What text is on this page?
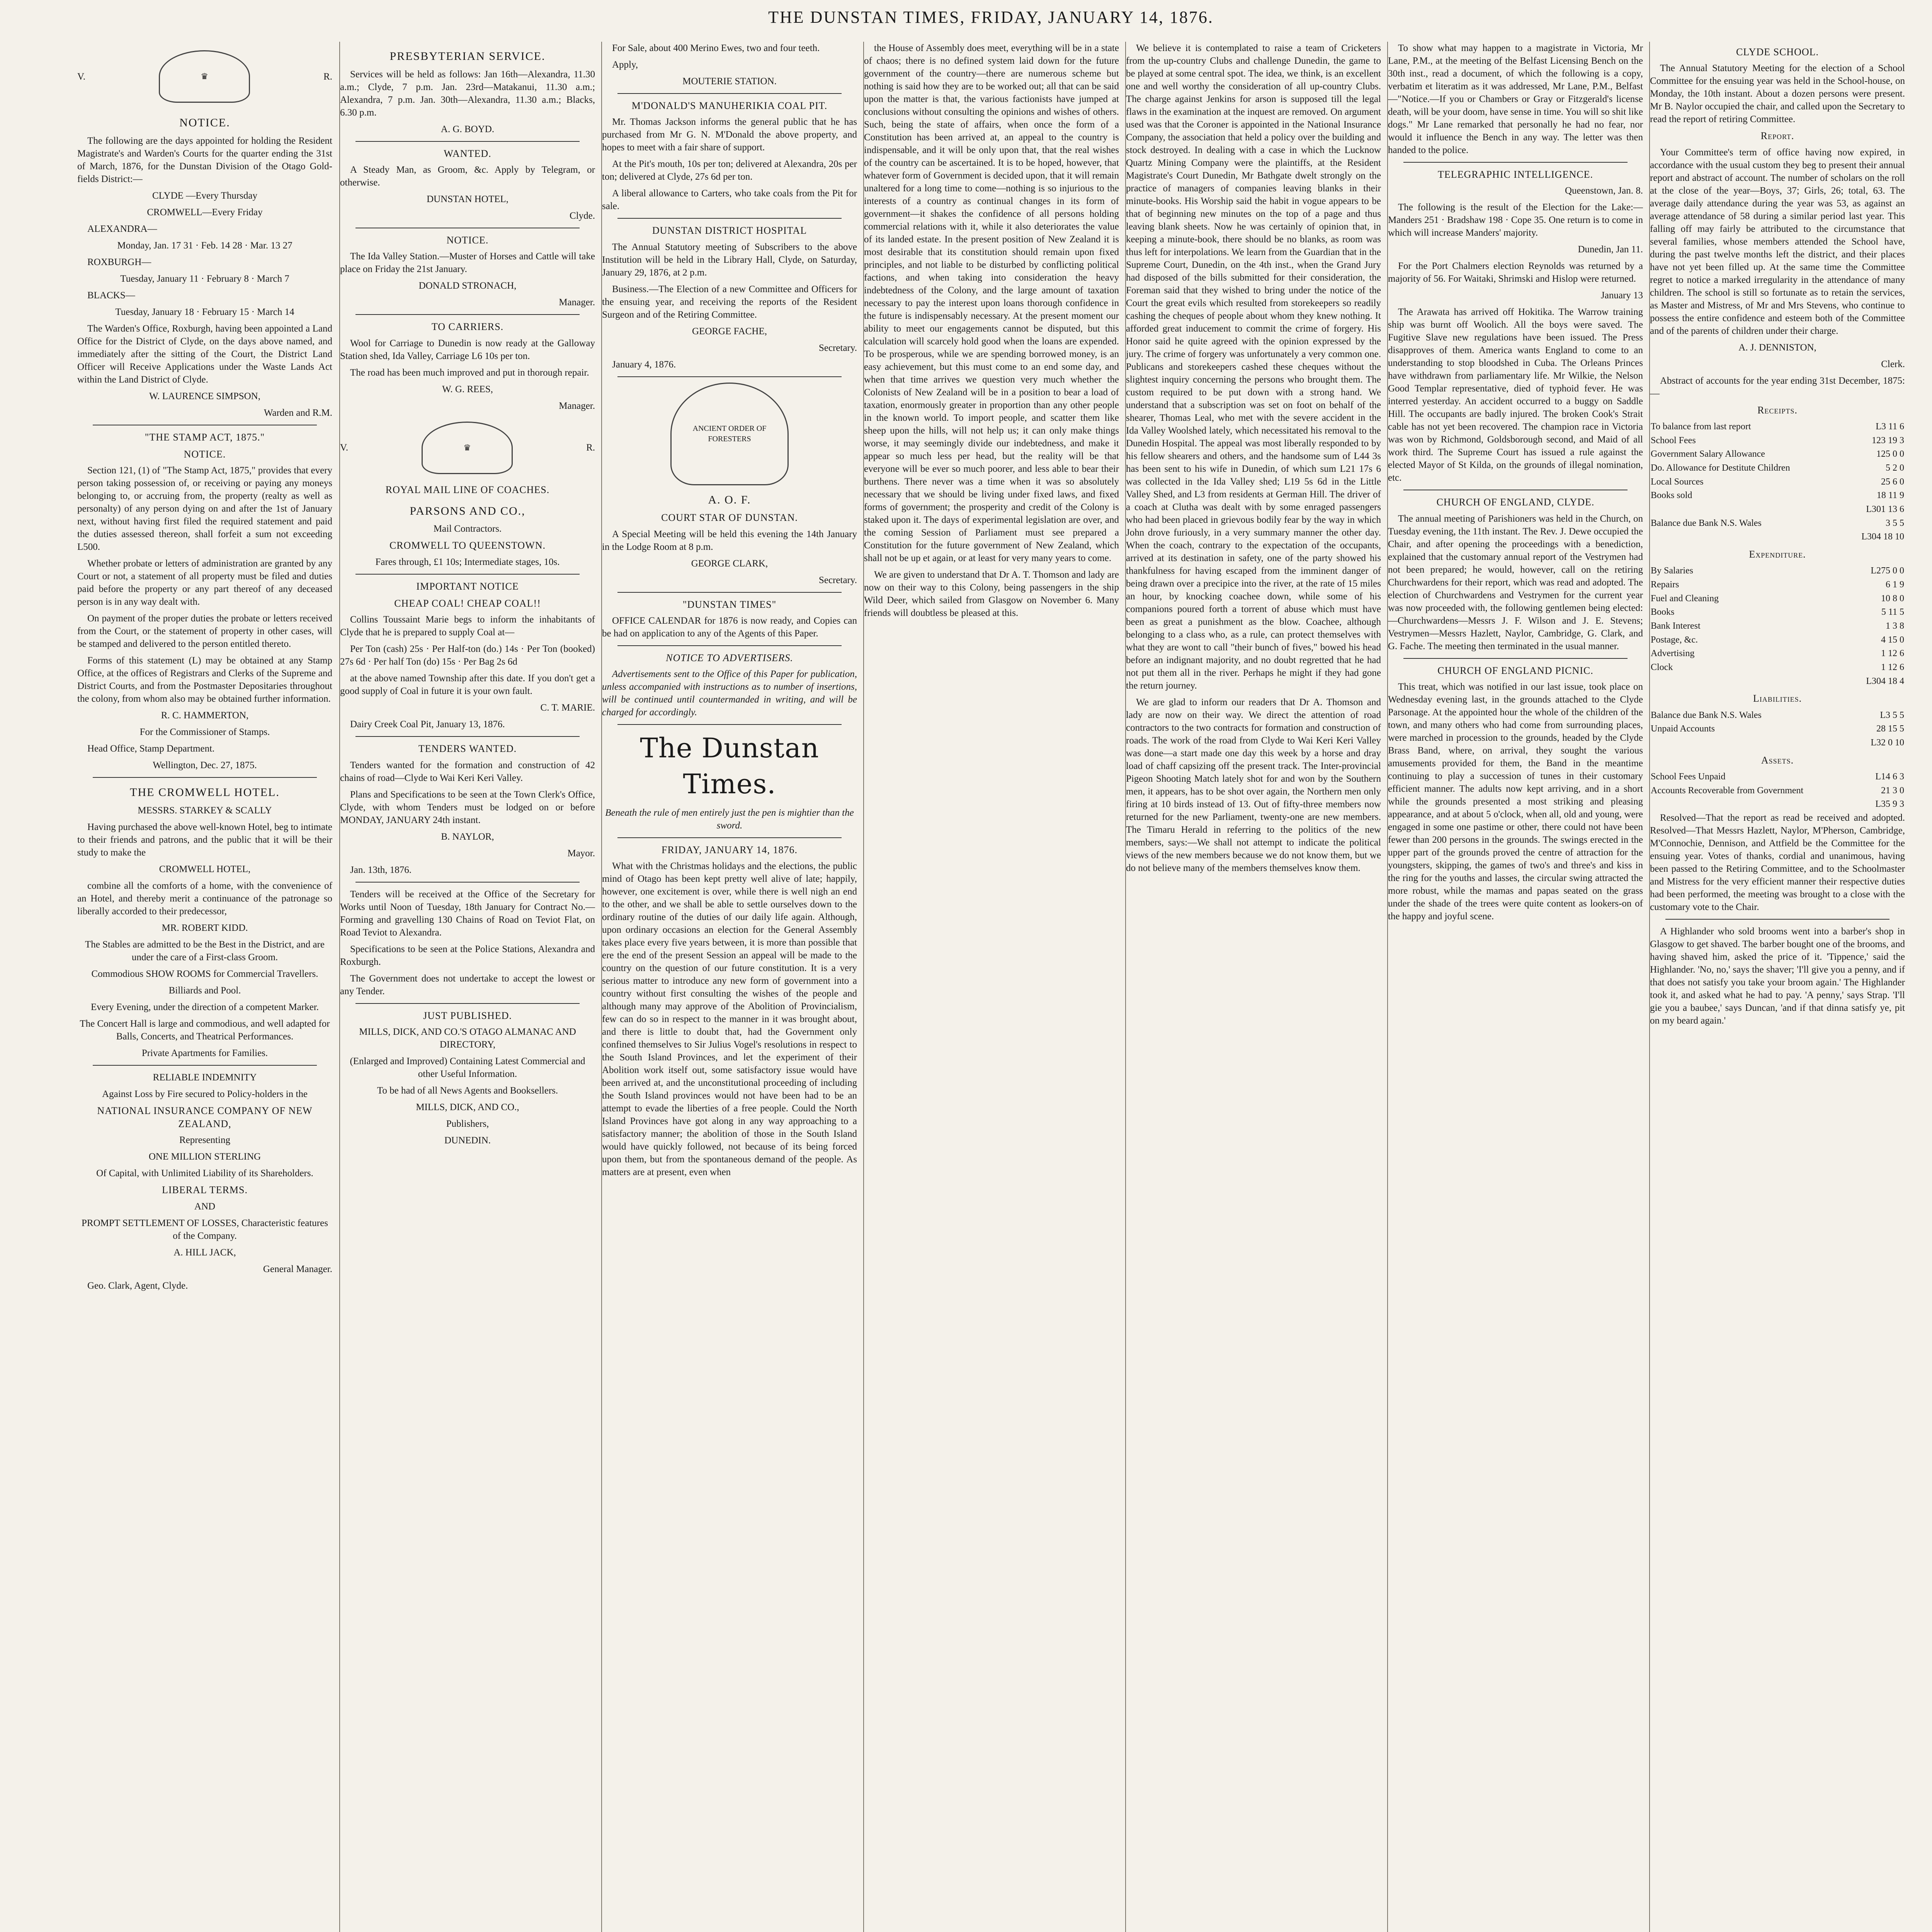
THE DUNSTAN TIMES, FRIDAY, JANUARY 14, 1876.
V.	♛	R.
NOTICE.

The following are the days appointed for holding the Resident Magistrate's and Warden's Courts for the quarter ending the 31st of March, 1876, for the Dunstan Division of the Otago Gold-fields District:—

CLYDE —Every Thursday

CROMWELL—Every Friday

ALEXANDRA—

Monday, Jan. 17 31 · Feb. 14 28 · Mar. 13 27

ROXBURGH—

Tuesday, January 11 · February 8 · March 7

BLACKS—

Tuesday, January 18 · February 15 · March 14

The Warden's Office, Roxburgh, having been appointed a Land Office for the District of Clyde, on the days above named, and immediately after the sitting of the Court, the District Land Officer will Receive Applications under the Waste Lands Act within the Land District of Clyde.

W. LAURENCE SIMPSON,

Warden and R.M.

"THE STAMP ACT, 1875."
NOTICE.

Section 121, (1) of "The Stamp Act, 1875," provides that every person taking possession of, or receiving or paying any moneys belonging to, or accruing from, the property (realty as well as personalty) of any person dying on and after the 1st of January next, without having first filed the required statement and paid the duties assessed thereon, shall forfeit a sum not exceeding L500.

Whether probate or letters of administration are granted by any Court or not, a statement of all property must be filed and duties paid before the property or any part thereof of any deceased person is in any way dealt with.

On payment of the proper duties the probate or letters received from the Court, or the statement of property in other cases, will be stamped and delivered to the person entitled thereto.

Forms of this statement (L) may be obtained at any Stamp Office, at the offices of Registrars and Clerks of the Supreme and District Courts, and from the Postmaster Depositaries throughout the colony, from whom also may be obtained further information.

R. C. HAMMERTON,

For the Commissioner of Stamps.

Head Office, Stamp Department.

Wellington, Dec. 27, 1875.

THE CROMWELL HOTEL.

MESSRS. STARKEY & SCALLY

Having purchased the above well-known Hotel, beg to intimate to their friends and patrons, and the public that it will be their study to make the

CROMWELL HOTEL,

combine all the comforts of a home, with the convenience of an Hotel, and thereby merit a continuance of the patronage so liberally accorded to their predecessor,

MR. ROBERT KIDD.

The Stables are admitted to be the Best in the District, and are under the care of a First-class Groom.

Commodious SHOW ROOMS for Commercial Travellers.

Billiards and Pool.

Every Evening, under the direction of a competent Marker.

The Concert Hall is large and commodious, and well adapted for Balls, Concerts, and Theatrical Performances.

Private Apartments for Families.

RELIABLE INDEMNITY

Against Loss by Fire secured to Policy-holders in the

NATIONAL INSURANCE COMPANY OF NEW ZEALAND,

Representing

ONE MILLION STERLING

Of Capital, with Unlimited Liability of its Shareholders.

LIBERAL TERMS.

AND

PROMPT SETTLEMENT OF LOSSES, Characteristic features of the Company.

A. HILL JACK,

General Manager.

Geo. Clark, Agent, Clyde.

PRESBYTERIAN SERVICE.

Services will be held as follows: Jan 16th—Alexandra, 11.30 a.m.; Clyde, 7 p.m. Jan. 23rd—Matakanui, 11.30 a.m.; Alexandra, 7 p.m. Jan. 30th—Alexandra, 11.30 a.m.; Blacks, 6.30 p.m.

A. G. BOYD.

WANTED.

A Steady Man, as Groom, &c. Apply by Telegram, or otherwise.

DUNSTAN HOTEL,

Clyde.

NOTICE.

The Ida Valley Station.—Muster of Horses and Cattle will take place on Friday the 21st January.

DONALD STRONACH,

Manager.

TO CARRIERS.

Wool for Carriage to Dunedin is now ready at the Galloway Station shed, Ida Valley, Carriage L6 10s per ton.

The road has been much improved and put in thorough repair.

W. G. REES,

Manager.

V.	♛	R.
ROYAL MAIL LINE OF COACHES.
PARSONS AND CO.,

Mail Contractors.

CROMWELL TO QUEENSTOWN.

Fares through, £1 10s; Intermediate stages, 10s.

IMPORTANT NOTICE
CHEAP COAL! CHEAP COAL!!

Collins Toussaint Marie begs to inform the inhabitants of Clyde that he is prepared to supply Coal at—

Per Ton (cash) 25s · Per Half-ton (do.) 14s · Per Ton (booked) 27s 6d · Per half Ton (do) 15s · Per Bag 2s 6d

at the above named Township after this date. If you don't get a good supply of Coal in future it is your own fault.

C. T. MARIE.

Dairy Creek Coal Pit, January 13, 1876.

TENDERS WANTED.

Tenders wanted for the formation and construction of 42 chains of road—Clyde to Wai Keri Keri Valley.

Plans and Specifications to be seen at the Town Clerk's Office, Clyde, with whom Tenders must be lodged on or before MONDAY, JANUARY 24th instant.

B. NAYLOR,

Mayor.

Jan. 13th, 1876.

Tenders will be received at the Office of the Secretary for Works until Noon of Tuesday, 18th January for Contract No.— Forming and gravelling 130 Chains of Road on Teviot Flat, on Road Teviot to Alexandra.

Specifications to be seen at the Police Stations, Alexandra and Roxburgh.

The Government does not undertake to accept the lowest or any Tender.

JUST PUBLISHED.

MILLS, DICK, AND CO.'S OTAGO ALMANAC AND DIRECTORY,

(Enlarged and Improved) Containing Latest Commercial and other Useful Information.

To be had of all News Agents and Booksellers.

MILLS, DICK, AND CO.,

Publishers,

DUNEDIN.

For Sale, about 400 Merino Ewes, two and four teeth.

Apply,

MOUTERIE STATION.

M'DONALD'S MANUHERIKIA COAL PIT.

Mr. Thomas Jackson informs the general public that he has purchased from Mr G. N. M'Donald the above property, and hopes to meet with a fair share of support.

At the Pit's mouth, 10s per ton; delivered at Alexandra, 20s per ton; delivered at Clyde, 27s 6d per ton.

A liberal allowance to Carters, who take coals from the Pit for sale.

DUNSTAN DISTRICT HOSPITAL

The Annual Statutory meeting of Subscribers to the above Institution will be held in the Library Hall, Clyde, on Saturday, January 29, 1876, at 2 p.m.

Business.—The Election of a new Committee and Officers for the ensuing year, and receiving the reports of the Resident Surgeon and of the Retiring Committee.

GEORGE FACHE,

Secretary.

January 4, 1876.

ANCIENT ORDER OF FORESTERS
A. O. F.
COURT STAR OF DUNSTAN.

A Special Meeting will be held this evening the 14th January in the Lodge Room at 8 p.m.

GEORGE CLARK,

Secretary.

"DUNSTAN TIMES"

OFFICE CALENDAR for 1876 is now ready, and Copies can be had on application to any of the Agents of this Paper.

NOTICE TO ADVERTISERS.

Advertisements sent to the Office of this Paper for publication, unless accompanied with instructions as to number of insertions, will be continued until countermanded in writing, and will be charged for accordingly.

The Dunstan Times.

Beneath the rule of men entirely just the pen is mightier than the sword.

FRIDAY, JANUARY 14, 1876.

What with the Christmas holidays and the elections, the public mind of Otago has been kept pretty well alive of late; happily, however, one excitement is over, while there is well nigh an end to the other, and we shall be able to settle ourselves down to the ordinary routine of the duties of our daily life again. Although, upon ordinary occasions an election for the General Assembly takes place every five years between, it is more than possible that ere the end of the present Session an appeal will be made to the country on the question of our future constitution. It is a very serious matter to introduce any new form of government into a country without first consulting the wishes of the people and although many may approve of the Abolition of Provincialism, few can do so in respect to the manner in it was brought about, and there is little to doubt that, had the Government only confined themselves to Sir Julius Vogel's resolutions in respect to the South Island Provinces, and let the experiment of their Abolition work itself out, some satisfactory issue would have been arrived at, and the unconstitutional proceeding of including the South Island provinces would not have been had to be an attempt to evade the liberties of a free people. Could the North Island Provinces have got along in any way approaching to a satisfactory manner; the abolition of those in the South Island would have quickly followed, not because of its being forced upon them, but from the spontaneous demand of the people. As matters are at present, even when

the House of Assembly does meet, everything will be in a state of chaos; there is no defined system laid down for the future government of the country—there are numerous scheme but nothing is said how they are to be worked out; all that can be said upon the matter is that, the various factionists have jumped at conclusions without consulting the opinions and wishes of others. Such, being the state of affairs, when once the form of a Constitution has been arrived at, an appeal to the country is indispensable, and it will be only upon that, that the real wishes of the country can be ascertained. It is to be hoped, however, that whatever form of Government is decided upon, that it will remain unaltered for a long time to come—nothing is so injurious to the interests of a country as continual changes in its form of government—it shakes the confidence of all persons holding commercial relations with it, while it also deteriorates the value of its landed estate. In the present position of New Zealand it is most desirable that its constitution should remain upon fixed principles, and not liable to be disturbed by conflicting political factions, and when taking into consideration the heavy indebtedness of the Colony, and the large amount of taxation necessary to pay the interest upon loans thorough confidence in the future is indispensably necessary. At the present moment our ability to meet our engagements cannot be disputed, but this calculation will scarcely hold good when the loans are expended. To be prosperous, while we are spending borrowed money, is an easy achievement, but this must come to an end some day, and when that time arrives we question very much whether the Colonists of New Zealand will be in a position to bear a load of taxation, enormously greater in proportion than any other people in the known world. To import people, and scatter them like sheep upon the hills, will not help us; it can only make things worse, it may seemingly divide our indebtedness, and make it appear so much less per head, but the reality will be that everyone will be ever so much poorer, and less able to bear their burthens. There never was a time when it was so absolutely necessary that we should be living under fixed laws, and fixed forms of government; the prosperity and credit of the Colony is staked upon it. The days of experimental legislation are over, and the coming Session of Parliament must see prepared a Constitution for the future government of New Zealand, which shall not be up et again, or at least for very many years to come.

We are given to understand that Dr A. T. Thomson and lady are now on their way to this Colony, being passengers in the ship Wild Deer, which sailed from Glasgow on November 6. Many friends will doubtless be pleased at this.

We believe it is contemplated to raise a team of Cricketers from the up-country Clubs and challenge Dunedin, the game to be played at some central spot. The idea, we think, is an excellent one and well worthy the consideration of all up-country Clubs. The charge against Jenkins for arson is supposed till the legal flaws in the examination at the inquest are removed. On argument used was that the Coroner is appointed in the National Insurance Company, the association that held a policy over the building and stock destroyed. In dealing with a case in which the Lucknow Quartz Mining Company were the plaintiffs, at the Resident Magistrate's Court Dunedin, Mr Bathgate dwelt strongly on the practice of managers of companies leaving blanks in their minute-books. His Worship said the habit in vogue appears to be that of beginning new minutes on the top of a page and thus leaving blank sheets. Now he was certainly of opinion that, in keeping a minute-book, there should be no blanks, as room was thus left for interpolations. We learn from the Guardian that in the Supreme Court, Dunedin, on the 4th inst., when the Grand Jury had disposed of the bills submitted for their consideration, the Foreman said that they wished to bring under the notice of the Court the great evils which resulted from storekeepers so readily cashing the cheques of people about whom they knew nothing. It afforded great inducement to commit the crime of forgery. His Honor said he quite agreed with the opinion expressed by the jury. The crime of forgery was unfortunately a very common one. Publicans and storekeepers cashed these cheques without the slightest inquiry concerning the persons who brought them. The custom required to be put down with a strong hand. We understand that a subscription was set on foot on behalf of the shearer, Thomas Leal, who met with the severe accident in the Ida Valley Woolshed lately, which necessitated his removal to the Dunedin Hospital. The appeal was most liberally responded to by his fellow shearers and others, and the handsome sum of L44 3s has been sent to his wife in Dunedin, of which sum L21 17s 6 was collected in the Ida Valley shed; L19 5s 6d in the Little Valley Shed, and L3 from residents at German Hill. The driver of a coach at Clutha was dealt with by some enraged passengers who had been placed in grievous bodily fear by the way in which John drove furiously, in a very summary manner the other day. When the coach, contrary to the expectation of the occupants, arrived at its destination in safety, one of the party showed his thankfulness for having escaped from the imminent danger of being drawn over a precipice into the river, at the rate of 15 miles an hour, by knocking coachee down, while some of his companions poured forth a torrent of abuse which must have been as great a punishment as the blow. Coachee, although belonging to a class who, as a rule, can protect themselves with what they are wont to call "their bunch of fives," bowed his head before an indignant majority, and no doubt regretted that he had not put them all in the river. Perhaps he might if they had gone the return journey.

We are glad to inform our readers that Dr A. Thomson and lady are now on their way. We direct the attention of road contractors to the two contracts for formation and construction of roads. The work of the road from Clyde to Wai Keri Keri Valley was done—a start made one day this week by a horse and dray load of chaff capsizing off the present track. The Inter-provincial Pigeon Shooting Match lately shot for and won by the Southern men, it appears, has to be shot over again, the Northern men only firing at 10 birds instead of 13. Out of fifty-three members now returned for the new Parliament, twenty-one are new members. The Timaru Herald in referring to the politics of the new members, says:—We shall not attempt to indicate the political views of the new members because we do not know them, but we do not believe many of the members themselves know them.

To show what may happen to a magistrate in Victoria, Mr Lane, P.M., at the meeting of the Belfast Licensing Bench on the 30th inst., read a document, of which the following is a copy, verbatim et literatim as it was addressed, Mr Lane, P.M., Belfast—"Notice.—If you or Chambers or Gray or Fitzgerald's license death, will be your doom, have sense in time. You will so shit like dogs." Mr Lane remarked that personally he had no fear, nor would it influence the Bench in any way. The letter was then handed to the police.

TELEGRAPHIC INTELLIGENCE.

Queenstown, Jan. 8.

The following is the result of the Election for the Lake:— Manders 251 · Bradshaw 198 · Cope 35. One return is to come in which will increase Manders' majority.

Dunedin, Jan 11.

For the Port Chalmers election Reynolds was returned by a majority of 56. For Waitaki, Shrimski and Hislop were returned.

January 13

The Arawata has arrived off Hokitika. The Warrow training ship was burnt off Woolich. All the boys were saved. The Fugitive Slave new regulations have been issued. The Press disapproves of them. America wants England to come to an understanding to stop bloodshed in Cuba. The Orleans Princes have withdrawn from parliamentary life. Mr Wilkie, the Nelson Good Templar representative, died of typhoid fever. He was interred yesterday. An accident occurred to a buggy on Saddle Hill. The occupants are badly injured. The broken Cook's Strait cable has not yet been recovered. The champion race in Victoria was won by Richmond, Goldsborough second, and Maid of all work third. The Supreme Court has issued a rule against the elected Mayor of St Kilda, on the grounds of illegal nomination, etc.

CHURCH OF ENGLAND, CLYDE.

The annual meeting of Parishioners was held in the Church, on Tuesday evening, the 11th instant. The Rev. J. Dewe occupied the Chair, and after opening the proceedings with a benediction, explained that the customary annual report of the Vestrymen had not been prepared; he would, however, call on the retiring Churchwardens for their report, which was read and adopted. The election of Churchwardens and Vestrymen for the current year was now proceeded with, the following gentlemen being elected:—Churchwardens—Messrs J. F. Wilson and J. E. Stevens; Vestrymen—Messrs Hazlett, Naylor, Cambridge, G. Clark, and G. Fache. The meeting then terminated in the usual manner.

CHURCH OF ENGLAND PICNIC.

This treat, which was notified in our last issue, took place on Wednesday evening last, in the grounds attached to the Clyde Parsonage. At the appointed hour the whole of the children of the town, and many others who had come from surrounding places, were marched in procession to the grounds, headed by the Clyde Brass Band, where, on arrival, they sought the various amusements provided for them, the Band in the meantime continuing to play a succession of tunes in their customary efficient manner. The adults now kept arriving, and in a short while the grounds presented a most striking and pleasing appearance, and at about 5 o'clock, when all, old and young, were engaged in some one pastime or other, there could not have been fewer than 200 persons in the grounds. The swings erected in the upper part of the grounds proved the centre of attraction for the youngsters, skipping, the games of two's and three's and kiss in the ring for the youths and lasses, the circular swing attracted the more robust, while the mamas and papas seated on the grass under the shade of the trees were quite content as lookers-on of the happy and joyful scene.

CLYDE SCHOOL.

The Annual Statutory Meeting for the election of a School Committee for the ensuing year was held in the School-house, on Monday, the 10th instant. About a dozen persons were present. Mr B. Naylor occupied the chair, and called upon the Secretary to read the report of retiring Committee.

Report.

Your Committee's term of office having now expired, in accordance with the usual custom they beg to present their annual report and abstract of account. The number of scholars on the roll at the close of the year—Boys, 37; Girls, 26; total, 63. The average daily attendance during the year was 53, as against an average attendance of 58 during a similar period last year. This falling off may fairly be attributed to the circumstance that several families, whose members attended the School have, during the past twelve months left the district, and their places have not yet been filled up. At the same time the Committee regret to notice a marked irregularity in the attendance of many children. The school is still so fortunate as to retain the services, as Master and Mistress, of Mr and Mrs Stevens, who continue to possess the entire confidence and esteem both of the Committee and of the parents of children under their charge.

A. J. DENNISTON,

Clerk.

Abstract of accounts for the year ending 31st December, 1875:—

Receipts.
To balance from last report	L3 11 6
School Fees	123 19 3
Government Salary Allowance	125 0 0
Do. Allowance for Destitute Children	5 2 0
Local Sources	25 6 0
Books sold	18 11 9
	L301 13 6
Balance due Bank N.S. Wales	3 5 5
	L304 18 10
Expenditure.
By Salaries	L275 0 0
Repairs	6 1 9
Fuel and Cleaning	10 8 0
Books	5 11 5
Bank Interest	1 3 8
Postage, &c.	4 15 0
Advertising	1 12 6
Clock	1 12 6
	L304 18 4
Liabilities.
Balance due Bank N.S. Wales	L3 5 5
Unpaid Accounts	28 15 5
	L32 0 10
Assets.
School Fees Unpaid	L14 6 3
Accounts Recoverable from Government	21 3 0
	L35 9 3

Resolved—That the report as read be received and adopted. Resolved—That Messrs Hazlett, Naylor, M'Pherson, Cambridge, M'Connochie, Dennison, and Attfield be the Committee for the ensuing year. Votes of thanks, cordial and unanimous, having been passed to the Retiring Committee, and to the Schoolmaster and Mistress for the very efficient manner their respective duties had been performed, the meeting was brought to a close with the customary vote to the Chair.

A Highlander who sold brooms went into a barber's shop in Glasgow to get shaved. The barber bought one of the brooms, and having shaved him, asked the price of it. 'Tippence,' said the Highlander. 'No, no,' says the shaver; 'I'll give you a penny, and if that does not satisfy you take your broom again.' The Highlander took it, and asked what he had to pay. 'A penny,' says Strap. 'I'll gie you a baubee,' says Duncan, 'and if that dinna satisfy ye, pit on my beard again.'
